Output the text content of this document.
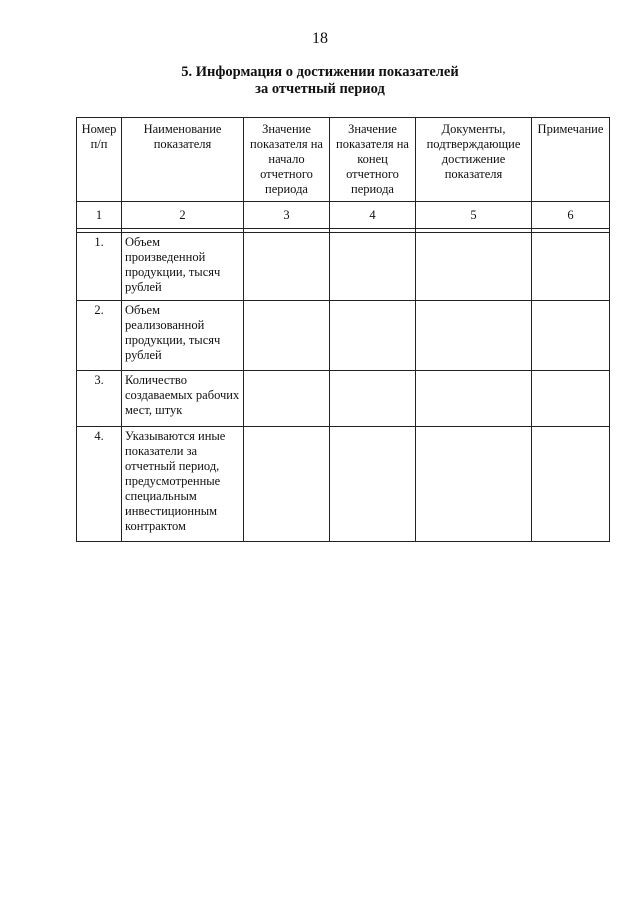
18
5. Информация о достижении показателей
за отчетный период
Номер п/п	Наименование показателя	Значение показателя на начало отчетного периода	Значение показателя на конец отчетного периода	Документы, подтверждающие достижение показателя	Примечание
1	2	3	4	5	6

1.	Объем произведенной продукции, тысяч рублей				
2.	Объем реализованной продукции, тысяч рублей				
3.	Количество создаваемых рабочих мест, штук				
4.	Указываются иные показатели за отчетный период, предусмотренные специальным инвестиционным контрактом				
